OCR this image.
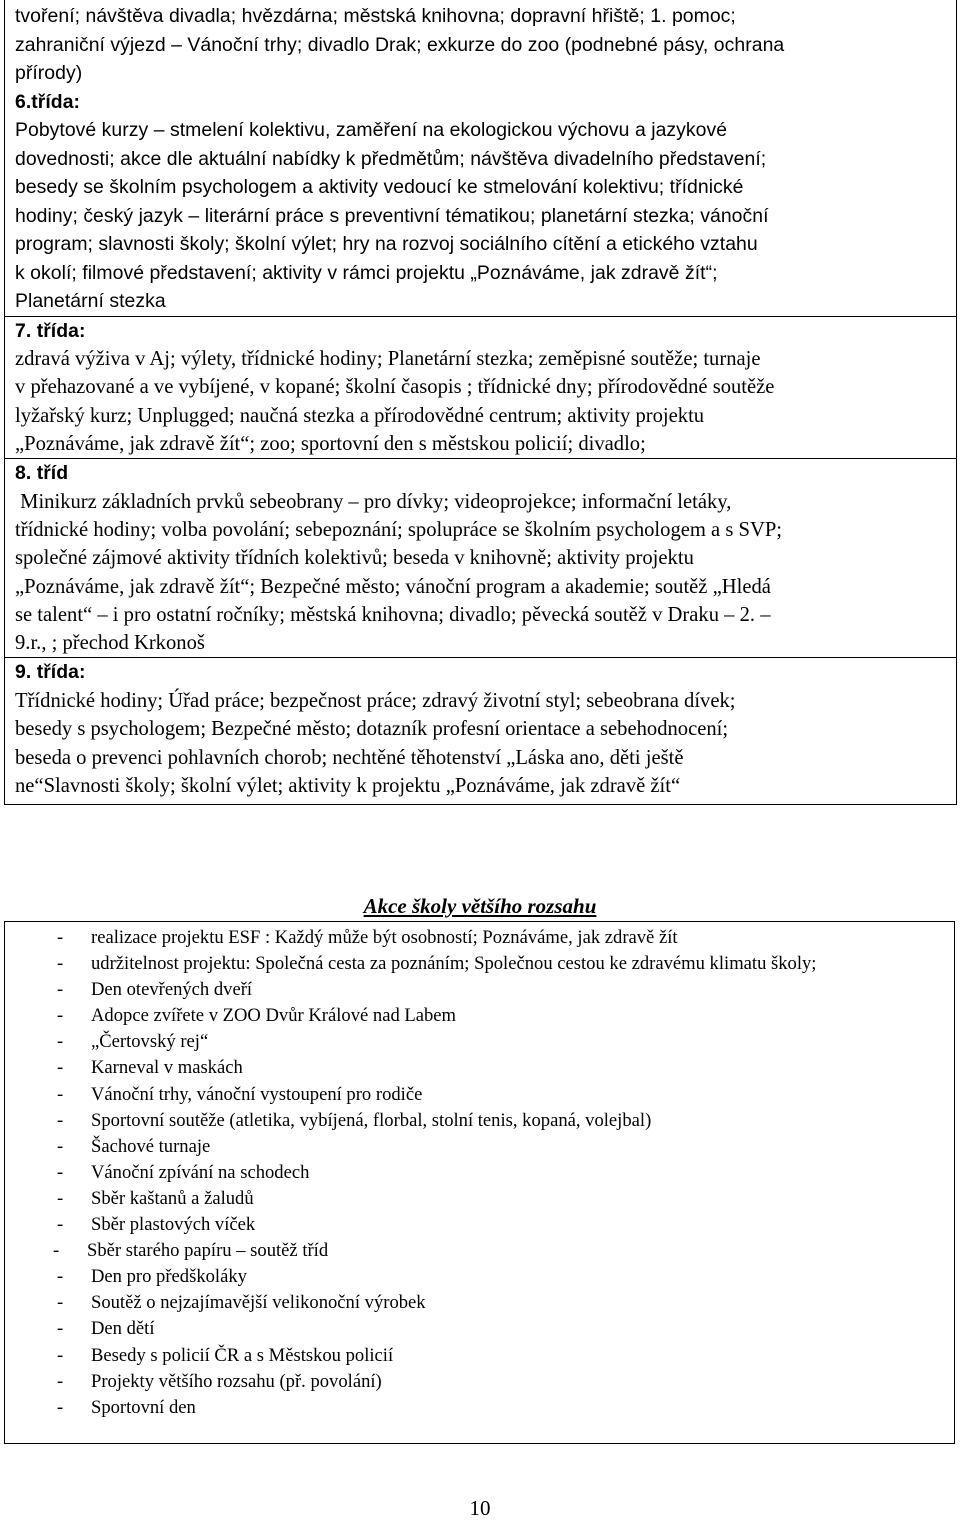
tvoření; návštěva divadla; hvězdárna; městská knihovna; dopravní hřiště; 1. pomoc;

zahraniční výjezd – Vánoční trhy; divadlo Drak; exkurze do zoo (podnebné pásy, ochrana

přírody)

6.třída:

Pobytové kurzy – stmelení kolektivu, zaměření na ekologickou výchovu a jazykové

dovednosti; akce dle aktuální nabídky k předmětům; návštěva divadelního představení;

besedy se školním psychologem a aktivity vedoucí ke stmelování kolektivu; třídnické

hodiny; český jazyk – literární práce s preventivní tématikou; planetární stezka; vánoční

program; slavnosti školy; školní výlet; hry na rozvoj sociálního cítění a etického vztahu

k okolí; filmové představení; aktivity v rámci projektu „Poznáváme, jak zdravě žít“;

Planetární stezka

7. třída:

zdravá výživa v Aj; výlety, třídnické hodiny; Planetární stezka; zeměpisné soutěže; turnaje

v přehazované a ve vybíjené, v kopané; školní časopis ; třídnické dny; přírodovědné soutěže

lyžařský kurz; Unplugged; naučná stezka a přírodovědné centrum; aktivity projektu

„Poznáváme, jak zdravě žít“; zoo; sportovní den s městskou policií; divadlo;

8. tříd

Minikurz základních prvků sebeobrany – pro dívky; videoprojekce; informační letáky,

třídnické hodiny; volba povolání; sebepoznání; spolupráce se školním psychologem a s SVP;

společné zájmové aktivity třídních kolektivů; beseda v knihovně; aktivity projektu

„Poznáváme, jak zdravě žít“; Bezpečné město; vánoční program a akademie; soutěž „Hledá

se talent“ – i pro ostatní ročníky; městská knihovna; divadlo; pěvecká soutěž v Draku – 2. –

9.r., ; přechod Krkonoš

9. třída:

Třídnické hodiny; Úřad práce; bezpečnost práce; zdravý životní styl; sebeobrana dívek;

besedy s psychologem; Bezpečné město; dotazník profesní orientace a sebehodnocení;

beseda o prevenci pohlavních chorob; nechtěné těhotenství „Láska ano, děti ještě

ne“Slavnosti školy; školní výlet; aktivity k projektu „Poznáváme, jak zdravě žít“

Akce školy většího rozsahu
- realizace projektu ESF : Každý může být osobností; Poznáváme, jak zdravě žít
- udržitelnost projektu: Společná cesta za poznáním; Společnou cestou ke zdravému klimatu školy;
- Den otevřených dveří
- Adopce zvířete v ZOO Dvůr Králové nad Labem
- „Čertovský rej“
- Karneval v maskách
- Vánoční trhy, vánoční vystoupení pro rodiče
- Sportovní soutěže (atletika, vybíjená, florbal, stolní tenis, kopaná, volejbal)
- Šachové turnaje
- Vánoční zpívání na schodech
- Sběr kaštanů a žaludů
- Sběr plastových víček
- Sběr starého papíru – soutěž tříd
- Den pro předškoláky
- Soutěž o nejzajímavější velikonoční výrobek
- Den dětí
- Besedy s policií ČR a s Městskou policií
- Projekty většího rozsahu (př. povolání)
- Sportovní den
10
